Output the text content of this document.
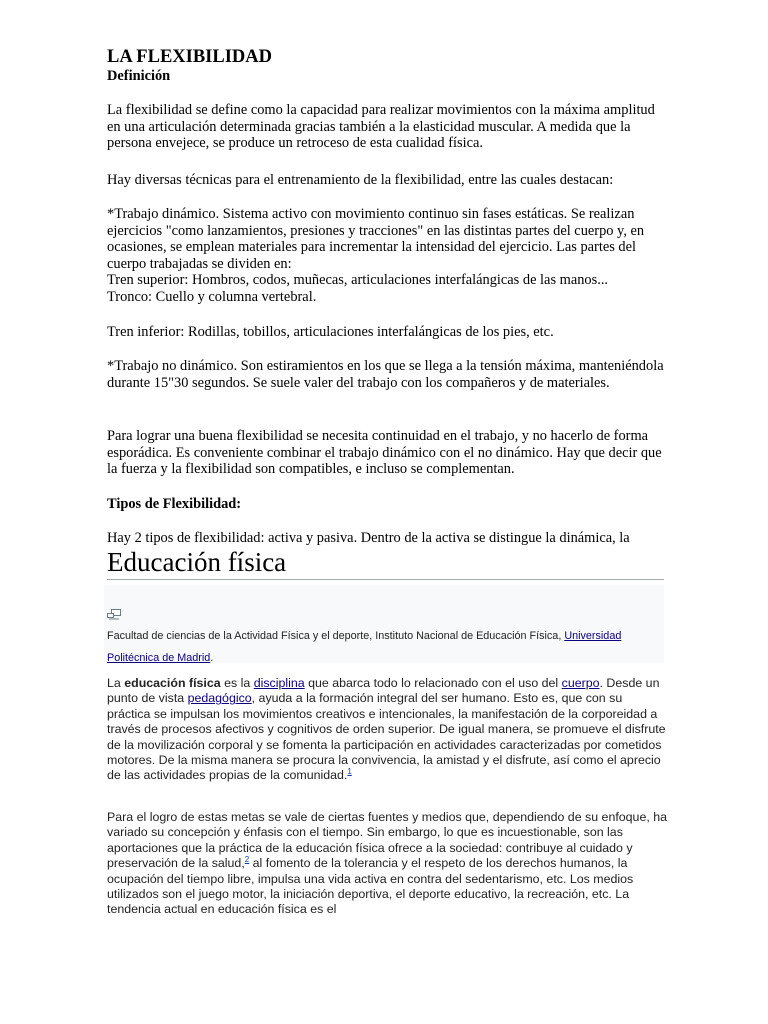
LA FLEXIBILIDAD

Definición

La flexibilidad se define como la capacidad para realizar movimientos con la máxima amplitud en una articulación determinada gracias también a la elasticidad muscular. A medida que la persona envejece, se produce un retroceso de esta cualidad física.

Hay diversas técnicas para el entrenamiento de la flexibilidad, entre las cuales destacan:

*Trabajo dinámico. Sistema activo con movimiento continuo sin fases estáticas. Se realizan ejercicios "como lanzamientos, presiones y tracciones" en las distintas partes del cuerpo y, en ocasiones, se emplean materiales para incrementar la intensidad del ejercicio. Las partes del cuerpo trabajadas se dividen en:
Tren superior: Hombros, codos, muñecas, articulaciones interfalángicas de las manos...
Tronco: Cuello y columna vertebral.

Tren inferior: Rodillas, tobillos, articulaciones interfalángicas de los pies, etc.

*Trabajo no dinámico. Son estiramientos en los que se llega a la tensión máxima, manteniéndola durante 15"30 segundos. Se suele valer del trabajo con los compañeros y de materiales.

Para lograr una buena flexibilidad se necesita continuidad en el trabajo, y no hacerlo de forma esporádica. Es conveniente combinar el trabajo dinámico con el no dinámico. Hay que decir que la fuerza y la flexibilidad son compatibles, e incluso se complementan.

Tipos de Flexibilidad:

Hay 2 tipos de flexibilidad: activa y pasiva. Dentro de la activa se distingue la dinámica, la

Educación física

Facultad de ciencias de la Actividad Física y el deporte, Instituto Nacional de Educación Física, Universidad Politécnica de Madrid.

La educación física es la disciplina que abarca todo lo relacionado con el uso del cuerpo. Desde un punto de vista pedagógico, ayuda a la formación integral del ser humano. Esto es, que con su práctica se impulsan los movimientos creativos e intencionales, la manifestación de la corporeidad a través de procesos afectivos y cognitivos de orden superior. De igual manera, se promueve el disfrute de la movilización corporal y se fomenta la participación en actividades caracterizadas por cometidos motores. De la misma manera se procura la convivencia, la amistad y el disfrute, así como el aprecio de las actividades propias de la comunidad.$^1$

Para el logro de estas metas se vale de ciertas fuentes y medios que, dependiendo de su enfoque, ha variado su concepción y énfasis con el tiempo. Sin embargo, lo que es incuestionable, son las aportaciones que la práctica de la educación física ofrece a la sociedad: contribuye al cuidado y preservación de la salud,$^2$ al fomento de la tolerancia y el respeto de los derechos humanos, la ocupación del tiempo libre, impulsa una vida activa en contra del sedentarismo, etc. Los medios utilizados son el juego motor, la iniciación deportiva, el deporte educativo, la recreación, etc. La tendencia actual en educación física es el
